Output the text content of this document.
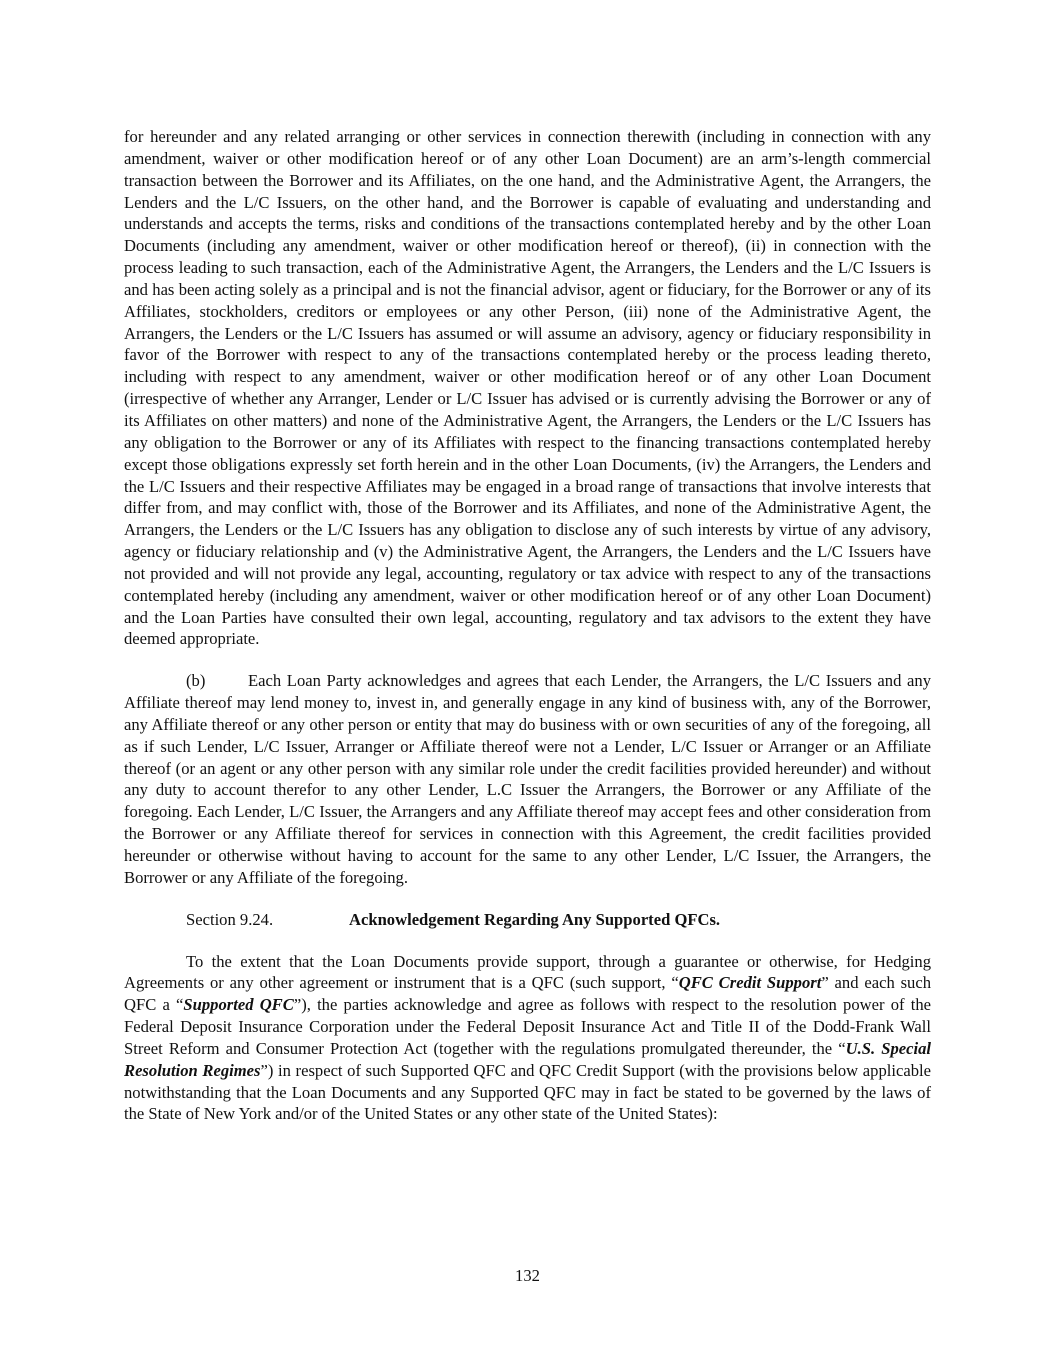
for hereunder and any related arranging or other services in connection therewith (including in connection with any amendment, waiver or other modification hereof or of any other Loan Document) are an arm’s-length commercial transaction between the Borrower and its Affiliates, on the one hand, and the Administrative Agent, the Arrangers, the Lenders and the L/C Issuers, on the other hand, and the Borrower is capable of evaluating and understanding and understands and accepts the terms, risks and conditions of the transactions contemplated hereby and by the other Loan Documents (including any amendment, waiver or other modification hereof or thereof), (ii) in connection with the process leading to such transaction, each of the Administrative Agent, the Arrangers, the Lenders and the L/C Issuers is and has been acting solely as a principal and is not the financial advisor, agent or fiduciary, for the Borrower or any of its Affiliates, stockholders, creditors or employees or any other Person, (iii) none of the Administrative Agent, the Arrangers, the Lenders or the L/C Issuers has assumed or will assume an advisory, agency or fiduciary responsibility in favor of the Borrower with respect to any of the transactions contemplated hereby or the process leading thereto, including with respect to any amendment, waiver or other modification hereof or of any other Loan Document (irrespective of whether any Arranger, Lender or L/C Issuer has advised or is currently advising the Borrower or any of its Affiliates on other matters) and none of the Administrative Agent, the Arrangers, the Lenders or the L/C Issuers has any obligation to the Borrower or any of its Affiliates with respect to the financing transactions contemplated hereby except those obligations expressly set forth herein and in the other Loan Documents, (iv) the Arrangers, the Lenders and the L/C Issuers and their respective Affiliates may be engaged in a broad range of transactions that involve interests that differ from, and may conflict with, those of the Borrower and its Affiliates, and none of the Administrative Agent, the Arrangers, the Lenders or the L/C Issuers has any obligation to disclose any of such interests by virtue of any advisory, agency or fiduciary relationship and (v) the Administrative Agent, the Arrangers, the Lenders and the L/C Issuers have not provided and will not provide any legal, accounting, regulatory or tax advice with respect to any of the transactions contemplated hereby (including any amendment, waiver or other modification hereof or of any other Loan Document) and the Loan Parties have consulted their own legal, accounting, regulatory and tax advisors to the extent they have deemed appropriate.

(b)	Each Loan Party acknowledges and agrees that each Lender, the Arrangers, the L/C Issuers and any Affiliate thereof may lend money to, invest in, and generally engage in any kind of business with, any of the Borrower, any Affiliate thereof or any other person or entity that may do business with or own securities of any of the foregoing, all as if such Lender, L/C Issuer, Arranger or Affiliate thereof were not a Lender, L/C Issuer or Arranger or an Affiliate thereof (or an agent or any other person with any similar role under the credit facilities provided hereunder) and without any duty to account therefor to any other Lender, L.C Issuer the Arrangers, the Borrower or any Affiliate of the foregoing. Each Lender, L/C Issuer, the Arrangers and any Affiliate thereof may accept fees and other consideration from the Borrower or any Affiliate thereof for services in connection with this Agreement, the credit facilities provided hereunder or otherwise without having to account for the same to any other Lender, L/C Issuer, the Arrangers, the Borrower or any Affiliate of the foregoing.

Section 9.24.	Acknowledgement Regarding Any Supported QFCs.

To the extent that the Loan Documents provide support, through a guarantee or otherwise, for Hedging Agreements or any other agreement or instrument that is a QFC (such support, “QFC Credit Support” and each such QFC a “Supported QFC”), the parties acknowledge and agree as follows with respect to the resolution power of the Federal Deposit Insurance Corporation under the Federal Deposit Insurance Act and Title II of the Dodd-Frank Wall Street Reform and Consumer Protection Act (together with the regulations promulgated thereunder, the “U.S. Special Resolution Regimes”) in respect of such Supported QFC and QFC Credit Support (with the provisions below applicable notwithstanding that the Loan Documents and any Supported QFC may in fact be stated to be governed by the laws of the State of New York and/or of the United States or any other state of the United States):

132
